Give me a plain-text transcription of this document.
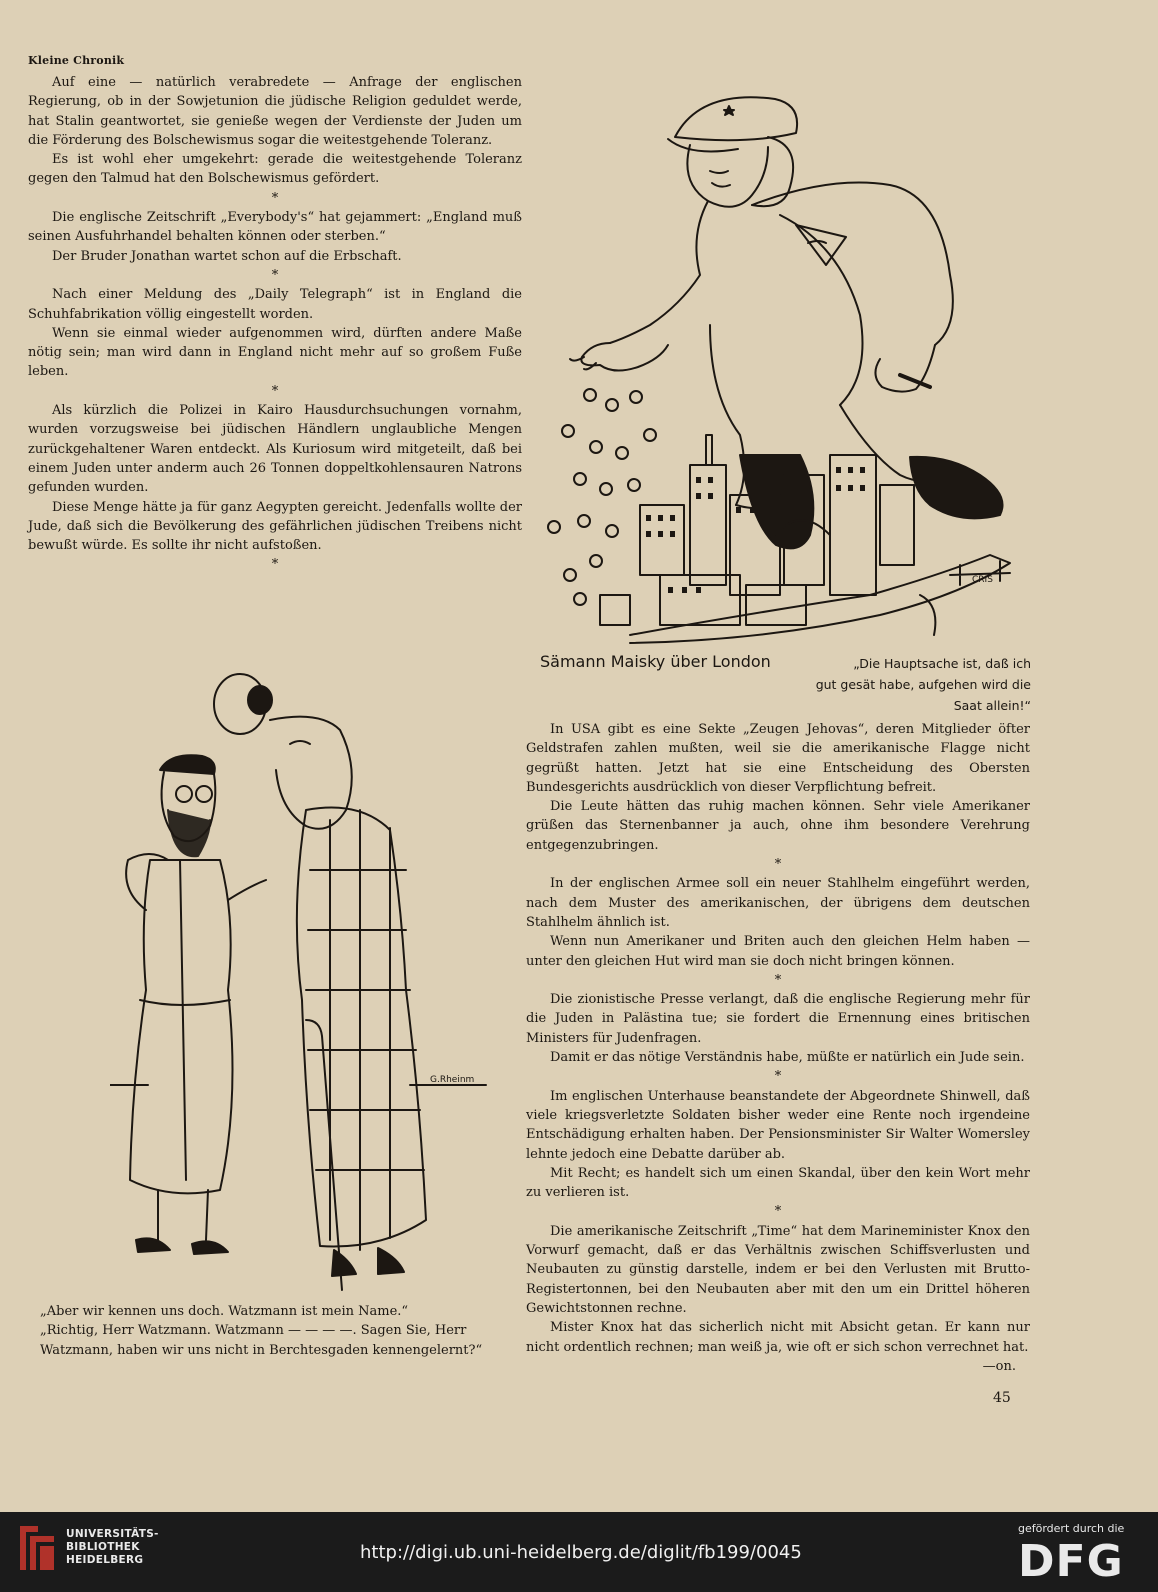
Kleine Chronik

Auf eine — natürlich verabredete — Anfrage der englischen Regierung, ob in der Sowjetunion die jüdische Religion geduldet werde, hat Stalin geantwortet, sie genieße wegen der Verdienste der Juden um die Förderung des Bolschewismus sogar die weitestgehende Toleranz.

Es ist wohl eher umgekehrt: gerade die weitestgehende Toleranz gegen den Talmud hat den Bolschewismus gefördert.

*

Die englische Zeitschrift „Everybody's“ hat gejammert: „England muß seinen Ausfuhrhandel behalten können oder sterben.“

Der Bruder Jonathan wartet schon auf die Erbschaft.

*

Nach einer Meldung des „Daily Telegraph“ ist in England die Schuhfabrikation völlig eingestellt worden.

Wenn sie einmal wieder aufgenommen wird, dürften andere Maße nötig sein; man wird dann in England nicht mehr auf so großem Fuße leben.

*

Als kürzlich die Polizei in Kairo Hausdurchsuchungen vornahm, wurden vorzugsweise bei jüdischen Händlern unglaubliche Mengen zurückgehaltener Waren entdeckt. Als Kuriosum wird mitgeteilt, daß bei einem Juden unter anderm auch 26 Tonnen doppeltkohlensauren Natrons gefunden wurden.

Diese Menge hätte ja für ganz Aegypten gereicht. Jedenfalls wollte der Jude, daß sich die Bevölkerung des gefährlichen jüdischen Treibens nicht bewußt würde. Es sollte ihr nicht aufstoßen.

*

CRIS
Sämann Maisky über London	„Die Hauptsache ist, daß ich
gut gesät habe, aufgehen wird die Saat allein!“
G.Rheinm

„Aber wir kennen uns doch. Watzmann ist mein Name.“

„Richtig, Herr Watzmann. Watzmann — — — —. Sagen Sie, Herr Watzmann, haben wir uns nicht in Berchtesgaden kennengelernt?“

In USA gibt es eine Sekte „Zeugen Jehovas“, deren Mitglieder öfter Geldstrafen zahlen mußten, weil sie die amerikanische Flagge nicht gegrüßt hatten. Jetzt hat sie eine Entscheidung des Obersten Bundesgerichts ausdrücklich von dieser Verpflichtung befreit.

Die Leute hätten das ruhig machen können. Sehr viele Amerikaner grüßen das Sternenbanner ja auch, ohne ihm besondere Verehrung entgegenzubringen.

*

In der englischen Armee soll ein neuer Stahlhelm eingeführt werden, nach dem Muster des amerikanischen, der übrigens dem deutschen Stahlhelm ähnlich ist.

Wenn nun Amerikaner und Briten auch den gleichen Helm haben — unter den gleichen Hut wird man sie doch nicht bringen können.

*

Die zionistische Presse verlangt, daß die englische Regierung mehr für die Juden in Palästina tue; sie fordert die Ernennung eines britischen Ministers für Judenfragen.

Damit er das nötige Verständnis habe, müßte er natürlich ein Jude sein.

*

Im englischen Unterhause beanstandete der Abgeordnete Shinwell, daß viele kriegsverletzte Soldaten bisher weder eine Rente noch irgendeine Entschädigung erhalten haben. Der Pensionsminister Sir Walter Womersley lehnte jedoch eine Debatte darüber ab.

Mit Recht; es handelt sich um einen Skandal, über den kein Wort mehr zu verlieren ist.

*

Die amerikanische Zeitschrift „Time“ hat dem Marineminister Knox den Vorwurf gemacht, daß er das Verhältnis zwischen Schiffsverlusten und Neubauten zu günstig darstelle, indem er bei den Verlusten mit Brutto-Registertonnen, bei den Neubauten aber mit den um ein Drittel höheren Gewichtstonnen rechne.

Mister Knox hat das sicherlich nicht mit Absicht getan. Er kann nur nicht ordentlich rechnen; man weiß ja, wie oft er sich schon verrechnet hat.

—on.

45
UNIVERSITÄTS-
BIBLIOTHEK
HEIDELBERG	http://digi.ub.uni-heidelberg.de/diglit/fb199/0045
gefördert durch die
DFG
